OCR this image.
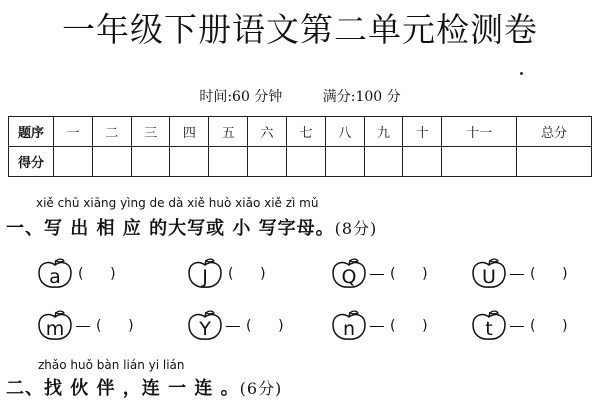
一年级下册语文第二单元检测卷
时间:60 分钟	满分:100 分
题序	一	二	三	四	五	六	七	八	九	十	十一	总分
得分												
xiě chū xiāng yìng de dà xiě huò xiǎo xiě zì mǔ
一、写 出 相 应 的大写或 小 写字母。(8分)
a	(      )	J	(      )	Q	(      )	U	(      )
m	(      )	Y	(      )	n	(      )	t	(      )
zhǎo huǒ bàn lián yi lián
二、找 伙 伴 ，连 一 连 。(6分)
